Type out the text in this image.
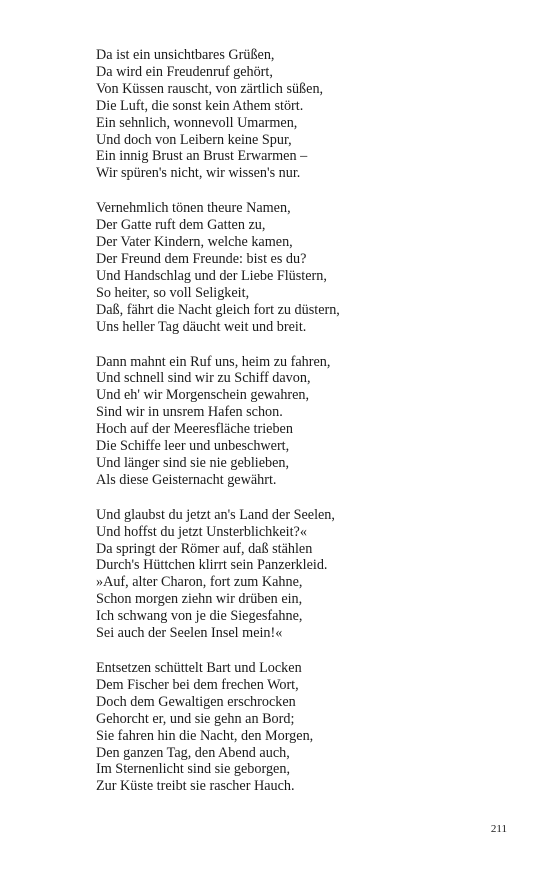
Da ist ein unsichtbares Grüßen,
Da wird ein Freudenruf gehört,
Von Küssen rauscht, von zärtlich süßen,
Die Luft, die sonst kein Athem stört.
Ein sehnlich, wonnevoll Umarmen,
Und doch von Leibern keine Spur,
Ein innig Brust an Brust Erwarmen –
Wir spüren's nicht, wir wissen's nur.
Vernehmlich tönen theure Namen,
Der Gatte ruft dem Gatten zu,
Der Vater Kindern, welche kamen,
Der Freund dem Freunde: bist es du?
Und Handschlag und der Liebe Flüstern,
So heiter, so voll Seligkeit,
Daß, fährt die Nacht gleich fort zu düstern,
Uns heller Tag däucht weit und breit.
Dann mahnt ein Ruf uns, heim zu fahren,
Und schnell sind wir zu Schiff davon,
Und eh' wir Morgenschein gewahren,
Sind wir in unsrem Hafen schon.
Hoch auf der Meeresfläche trieben
Die Schiffe leer und unbeschwert,
Und länger sind sie nie geblieben,
Als diese Geisternacht gewährt.
Und glaubst du jetzt an's Land der Seelen,
Und hoffst du jetzt Unsterblichkeit?«
Da springt der Römer auf, daß stählen
Durch's Hüttchen klirrt sein Panzerkleid.
»Auf, alter Charon, fort zum Kahne,
Schon morgen ziehn wir drüben ein,
Ich schwang von je die Siegesfahne,
Sei auch der Seelen Insel mein!«
Entsetzen schüttelt Bart und Locken
Dem Fischer bei dem frechen Wort,
Doch dem Gewaltigen erschrocken
Gehorcht er, und sie gehn an Bord;
Sie fahren hin die Nacht, den Morgen,
Den ganzen Tag, den Abend auch,
Im Sternenlicht sind sie geborgen,
Zur Küste treibt sie rascher Hauch.
211
